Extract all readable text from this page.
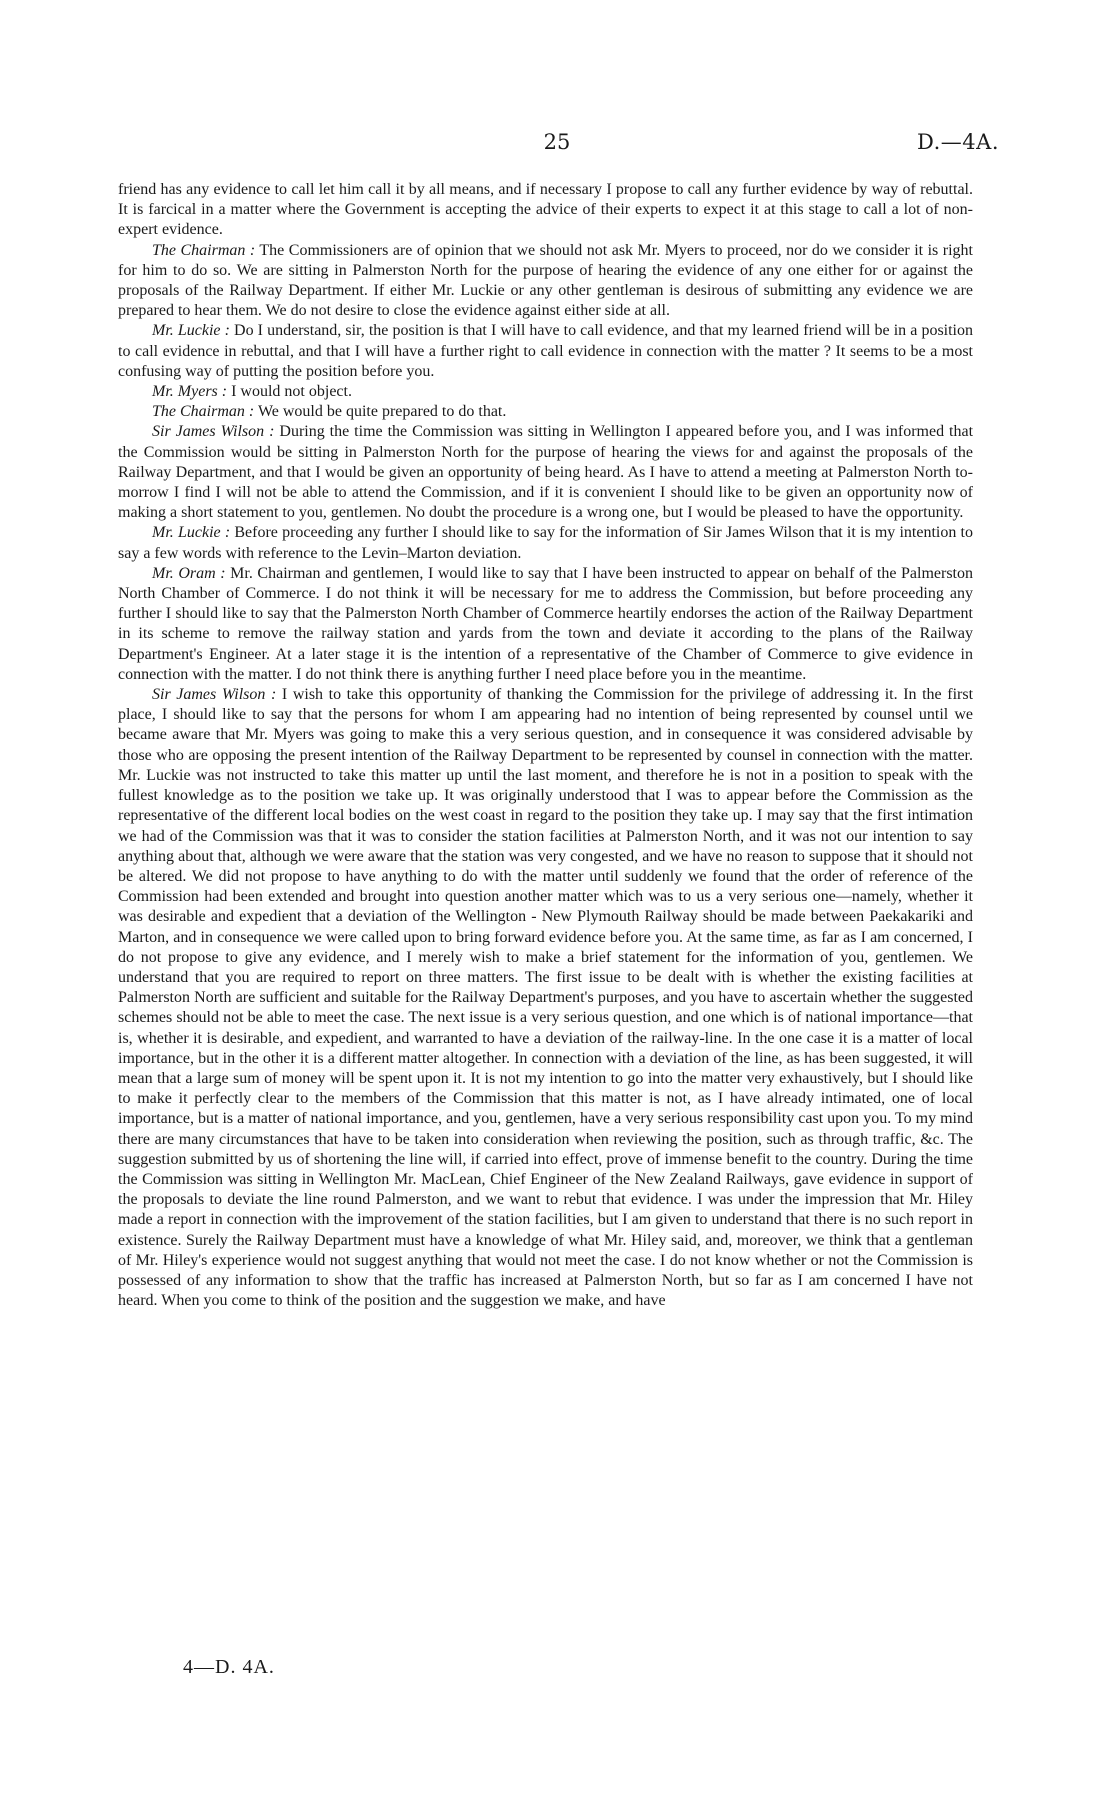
25	D.—4A.

friend has any evidence to call let him call it by all means, and if necessary I propose to call any further evidence by way of rebuttal. It is farcical in a matter where the Government is accepting the advice of their experts to expect it at this stage to call a lot of non-expert evidence.

The Chairman : The Commissioners are of opinion that we should not ask Mr. Myers to proceed, nor do we consider it is right for him to do so. We are sitting in Palmerston North for the purpose of hearing the evidence of any one either for or against the proposals of the Railway Department. If either Mr. Luckie or any other gentleman is desirous of submitting any evidence we are prepared to hear them. We do not desire to close the evidence against either side at all.

Mr. Luckie : Do I understand, sir, the position is that I will have to call evidence, and that my learned friend will be in a position to call evidence in rebuttal, and that I will have a further right to call evidence in connection with the matter ? It seems to be a most confusing way of putting the position before you.

Mr. Myers : I would not object.

The Chairman : We would be quite prepared to do that.

Sir James Wilson : During the time the Commission was sitting in Wellington I appeared before you, and I was informed that the Commission would be sitting in Palmerston North for the purpose of hearing the views for and against the proposals of the Railway Department, and that I would be given an opportunity of being heard. As I have to attend a meeting at Palmerston North to-morrow I find I will not be able to attend the Commission, and if it is convenient I should like to be given an opportunity now of making a short statement to you, gentlemen. No doubt the procedure is a wrong one, but I would be pleased to have the opportunity.

Mr. Luckie : Before proceeding any further I should like to say for the information of Sir James Wilson that it is my intention to say a few words with reference to the Levin–Marton deviation.

Mr. Oram : Mr. Chairman and gentlemen, I would like to say that I have been instructed to appear on behalf of the Palmerston North Chamber of Commerce. I do not think it will be necessary for me to address the Commission, but before proceeding any further I should like to say that the Palmerston North Chamber of Commerce heartily endorses the action of the Railway Department in its scheme to remove the railway station and yards from the town and deviate it according to the plans of the Railway Department's Engineer. At a later stage it is the intention of a representative of the Chamber of Commerce to give evidence in connection with the matter. I do not think there is anything further I need place before you in the meantime.

Sir James Wilson : I wish to take this opportunity of thanking the Commission for the privilege of addressing it. In the first place, I should like to say that the persons for whom I am appearing had no intention of being represented by counsel until we became aware that Mr. Myers was going to make this a very serious question, and in consequence it was considered advisable by those who are opposing the present intention of the Railway Department to be represented by counsel in connection with the matter. Mr. Luckie was not instructed to take this matter up until the last moment, and therefore he is not in a position to speak with the fullest knowledge as to the position we take up. It was originally understood that I was to appear before the Commission as the representative of the different local bodies on the west coast in regard to the position they take up. I may say that the first intimation we had of the Commission was that it was to consider the station facilities at Palmerston North, and it was not our intention to say anything about that, although we were aware that the station was very congested, and we have no reason to suppose that it should not be altered. We did not propose to have anything to do with the matter until suddenly we found that the order of reference of the Commission had been extended and brought into question another matter which was to us a very serious one—namely, whether it was desirable and expedient that a deviation of the Wellington - New Plymouth Railway should be made between Paekakariki and Marton, and in consequence we were called upon to bring forward evidence before you. At the same time, as far as I am concerned, I do not propose to give any evidence, and I merely wish to make a brief statement for the information of you, gentlemen. We understand that you are required to report on three matters. The first issue to be dealt with is whether the existing facilities at Palmerston North are sufficient and suitable for the Railway Department's purposes, and you have to ascertain whether the suggested schemes should not be able to meet the case. The next issue is a very serious question, and one which is of national importance—that is, whether it is desirable, and expedient, and warranted to have a deviation of the railway-line. In the one case it is a matter of local importance, but in the other it is a different matter altogether. In connection with a deviation of the line, as has been suggested, it will mean that a large sum of money will be spent upon it. It is not my intention to go into the matter very exhaustively, but I should like to make it perfectly clear to the members of the Commission that this matter is not, as I have already intimated, one of local importance, but is a matter of national importance, and you, gentlemen, have a very serious responsibility cast upon you. To my mind there are many circumstances that have to be taken into consideration when reviewing the position, such as through traffic, &c. The suggestion submitted by us of shortening the line will, if carried into effect, prove of immense benefit to the country. During the time the Commission was sitting in Wellington Mr. MacLean, Chief Engineer of the New Zealand Railways, gave evidence in support of the proposals to deviate the line round Palmerston, and we want to rebut that evidence. I was under the impression that Mr. Hiley made a report in connection with the improvement of the station facilities, but I am given to understand that there is no such report in existence. Surely the Railway Department must have a knowledge of what Mr. Hiley said, and, moreover, we think that a gentleman of Mr. Hiley's experience would not suggest anything that would not meet the case. I do not know whether or not the Commission is possessed of any information to show that the traffic has increased at Palmerston North, but so far as I am concerned I have not heard. When you come to think of the position and the suggestion we make, and have

4—D. 4A.
